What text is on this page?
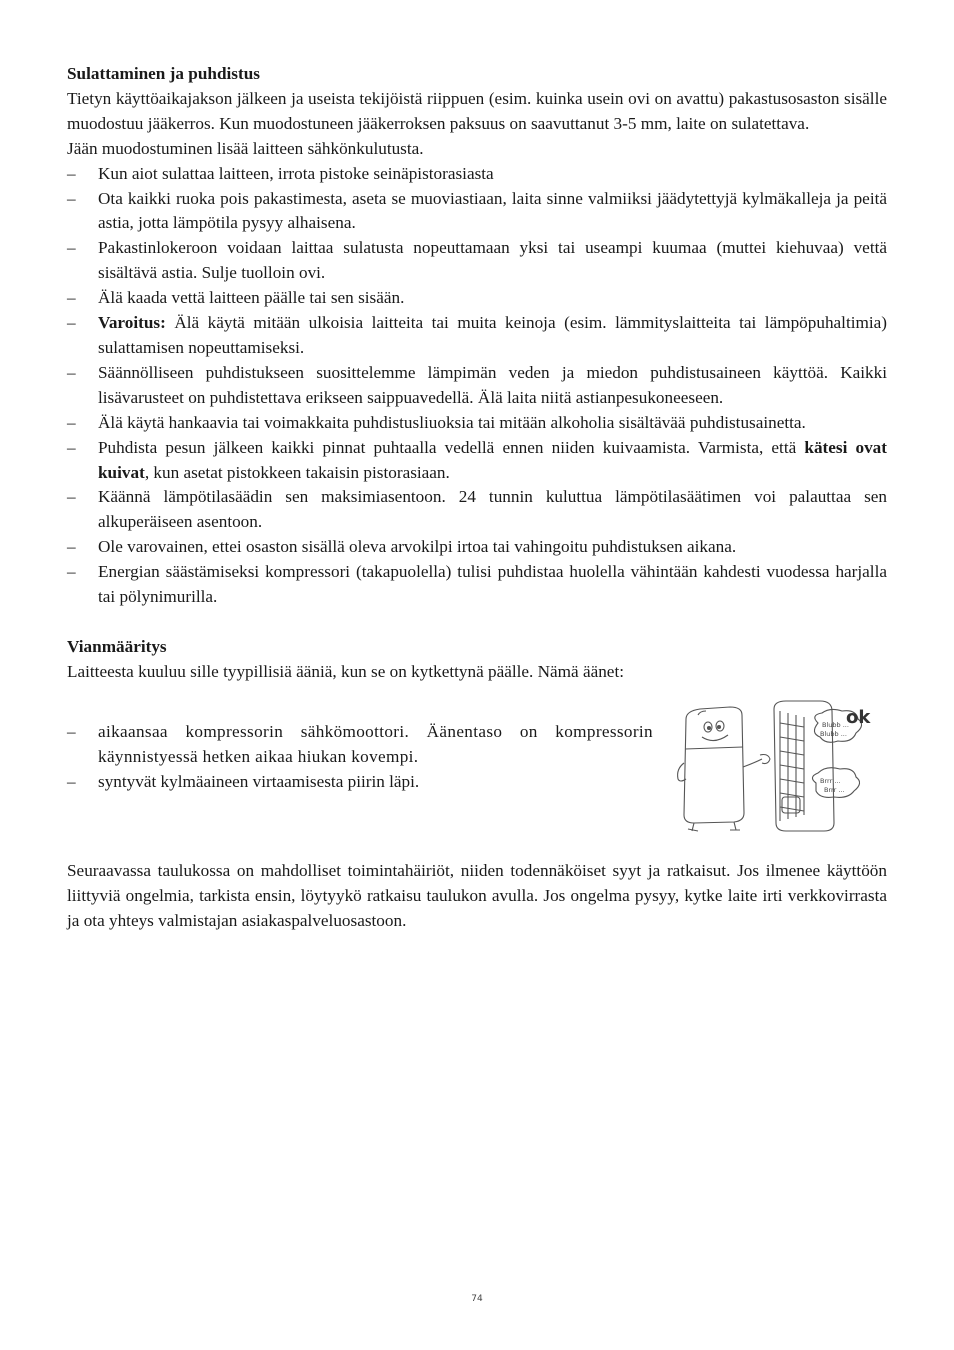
Sulattaminen ja puhdistus

Tietyn käyttöaikajakson jälkeen ja useista tekijöistä riippuen (esim. kuinka usein ovi on avattu) pakastusosaston sisälle muodostuu jääkerros. Kun muodostuneen jääkerroksen paksuus on saavuttanut 3-5 mm, laite on sulatettava.

Jään muodostuminen lisää laitteen sähkönkulutusta.

– Kun aiot sulattaa laitteen, irrota pistoke seinäpistorasiasta
– Ota kaikki ruoka pois pakastimesta, aseta se muoviastiaan, laita sinne valmiiksi jäädytettyjä kylmäkalleja ja peitä astia, jotta lämpötila pysyy alhaisena.
– Pakastinlokeroon voidaan laittaa sulatusta nopeuttamaan yksi tai useampi kuumaa (muttei kiehuvaa) vettä sisältävä astia. Sulje tuolloin ovi.
– Älä kaada vettä laitteen päälle tai sen sisään.
– Varoitus: Älä käytä mitään ulkoisia laitteita tai muita keinoja (esim. lämmityslaitteita tai lämpöpuhaltimia) sulattamisen nopeuttamiseksi.
– Säännölliseen puhdistukseen suosittelemme lämpimän veden ja miedon puhdistusaineen käyttöä. Kaikki lisävarusteet on puhdistettava erikseen saippuavedellä. Älä laita niitä astianpesukoneeseen.
– Älä käytä hankaavia tai voimakkaita puhdistusliuoksia tai mitään alkoholia sisältävää puhdistusainetta.
– Puhdista pesun jälkeen kaikki pinnat puhtaalla vedellä ennen niiden kuivaamista. Varmista, että kätesi ovat kuivat, kun asetat pistokkeen takaisin pistorasiaan.
– Käännä lämpötilasäädin sen maksimiasentoon. 24 tunnin kuluttua lämpötilasäätimen voi palauttaa sen alkuperäiseen asentoon.
– Ole varovainen, ettei osaston sisällä oleva arvokilpi irtoa tai vahingoitu puhdistuksen aikana.
– Energian säästämiseksi kompressori (takapuolella) tulisi puhdistaa huolella vähintään kahdesti vuodessa harjalla tai pölynimurilla.
Vianmääritys

Laitteesta kuuluu sille tyypillisiä ääniä, kun se on kytkettynä päälle. Nämä äänet:

– aikaansaa kompressorin sähkömoottori. Äänentaso on kompressorin käynnistyessä hetken aikaa hiukan kovempi.
– syntyvät kylmäaineen virtaamisesta piirin läpi.
ok
Blubb ...
Blubb ...
Brrr ...
Brrr ...

Seuraavassa taulukossa on mahdolliset toimintahäiriöt, niiden todennäköiset syyt ja ratkaisut. Jos ilmenee käyttöön liittyviä ongelmia, tarkista ensin, löytyykö ratkaisu taulukon avulla. Jos ongelma pysyy, kytke laite irti verkkovirrasta ja ota yhteys valmistajan asiakaspalveluosastoon.

74
